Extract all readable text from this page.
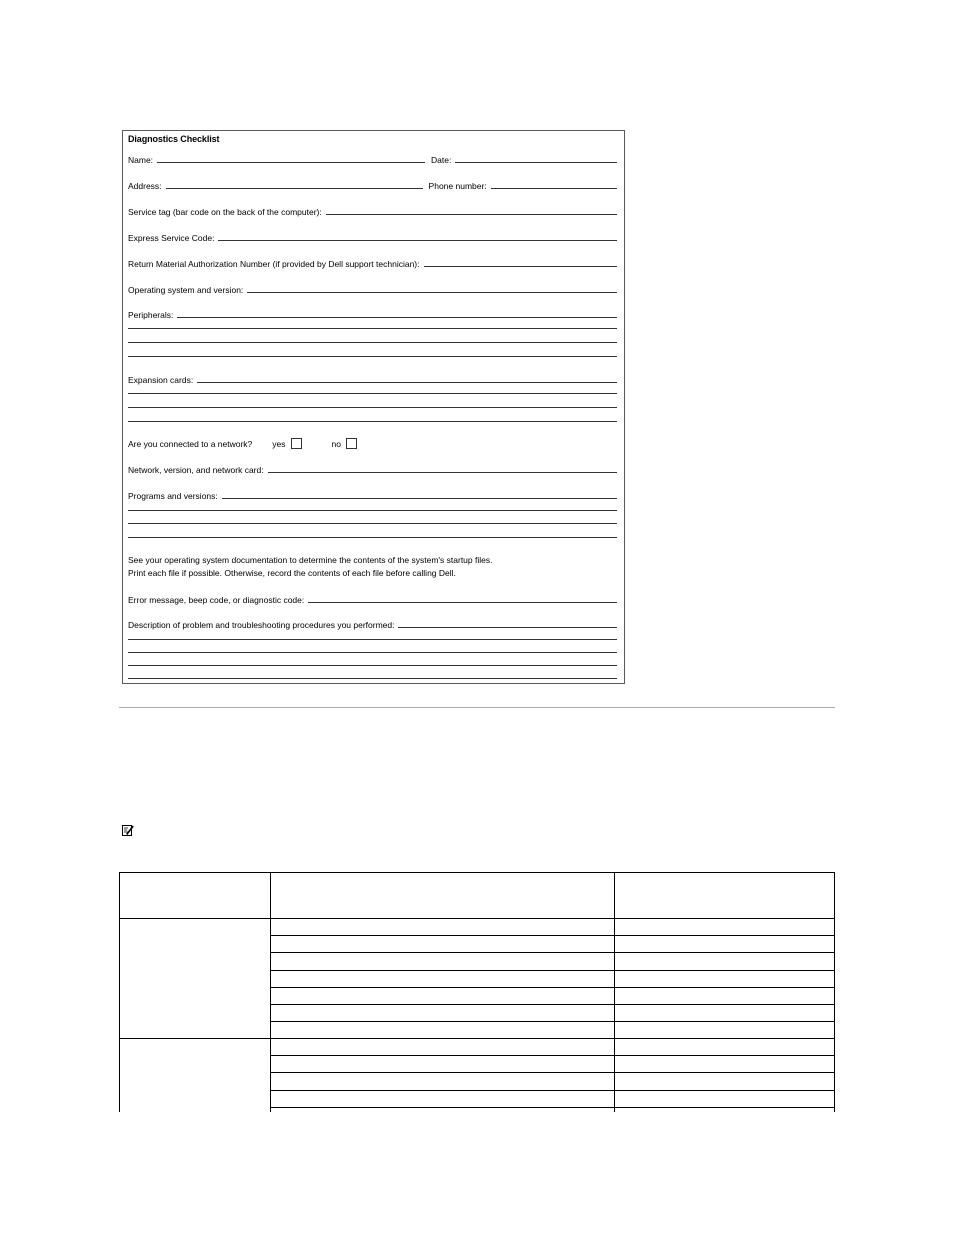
Diagnostics Checklist
Name:	Date:
Address:	Phone number:
Service tag (bar code on the back of the computer):
Express Service Code:
Return Material Authorization Number (if provided by Dell support technician):
Operating system and version:
Peripherals:
Expansion cards:
Are you connected to a network?	yes	no
Network, version, and network card:
Programs and versions:
See your operating system documentation to determine the contents of the system's startup files.
Print each file if possible. Otherwise, record the contents of each file before calling Dell.
Error message, beep code, or diagnostic code:
Description of problem and troubleshooting procedures you performed:
